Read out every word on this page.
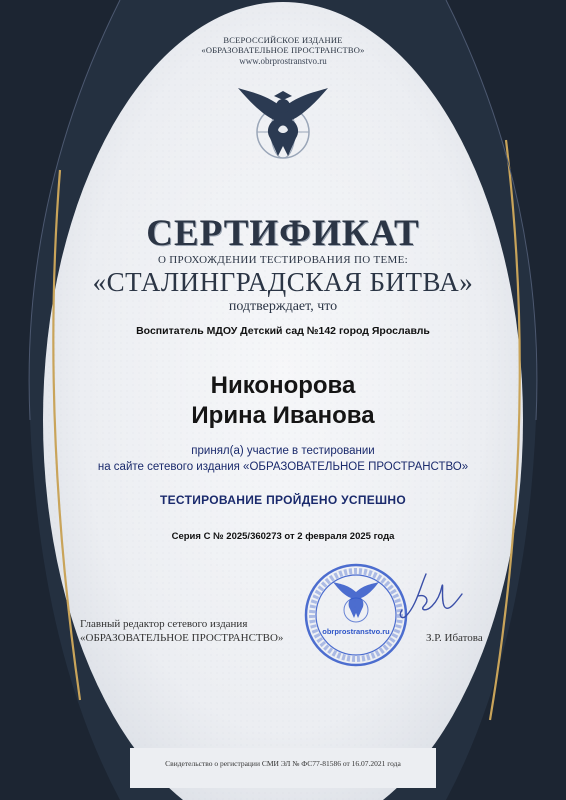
ВСЕРОССИЙСКОЕ ИЗДАНИЕ
«ОБРАЗОВАТЕЛЬНОЕ ПРОСТРАНСТВО»
www.obrprostranstvo.ru
СЕРТИФИКАТ
О ПРОХОЖДЕНИИ ТЕСТИРОВАНИЯ ПО ТЕМЕ:
«СТАЛИНГРАДСКАЯ БИТВА»
подтверждает, что
Воспитатель МДОУ Детский сад №142 город Ярославль
Никонорова
Ирина Иванова
принял(а) участие в тестировании
на сайте сетевого издания «ОБРАЗОВАТЕЛЬНОЕ ПРОСТРАНСТВО»
ТЕСТИРОВАНИЕ ПРОЙДЕНО УСПЕШНО
Серия С № 2025/360273 от 2 февраля 2025 года
Главный редактор сетевого издания
«ОБРАЗОВАТЕЛЬНОЕ ПРОСТРАНСТВО»	З.Р. Ибатова
obrprostranstvo.ru
Свидетельство о регистрации СМИ ЭЛ № ФС77-81586 от 16.07.2021 года
